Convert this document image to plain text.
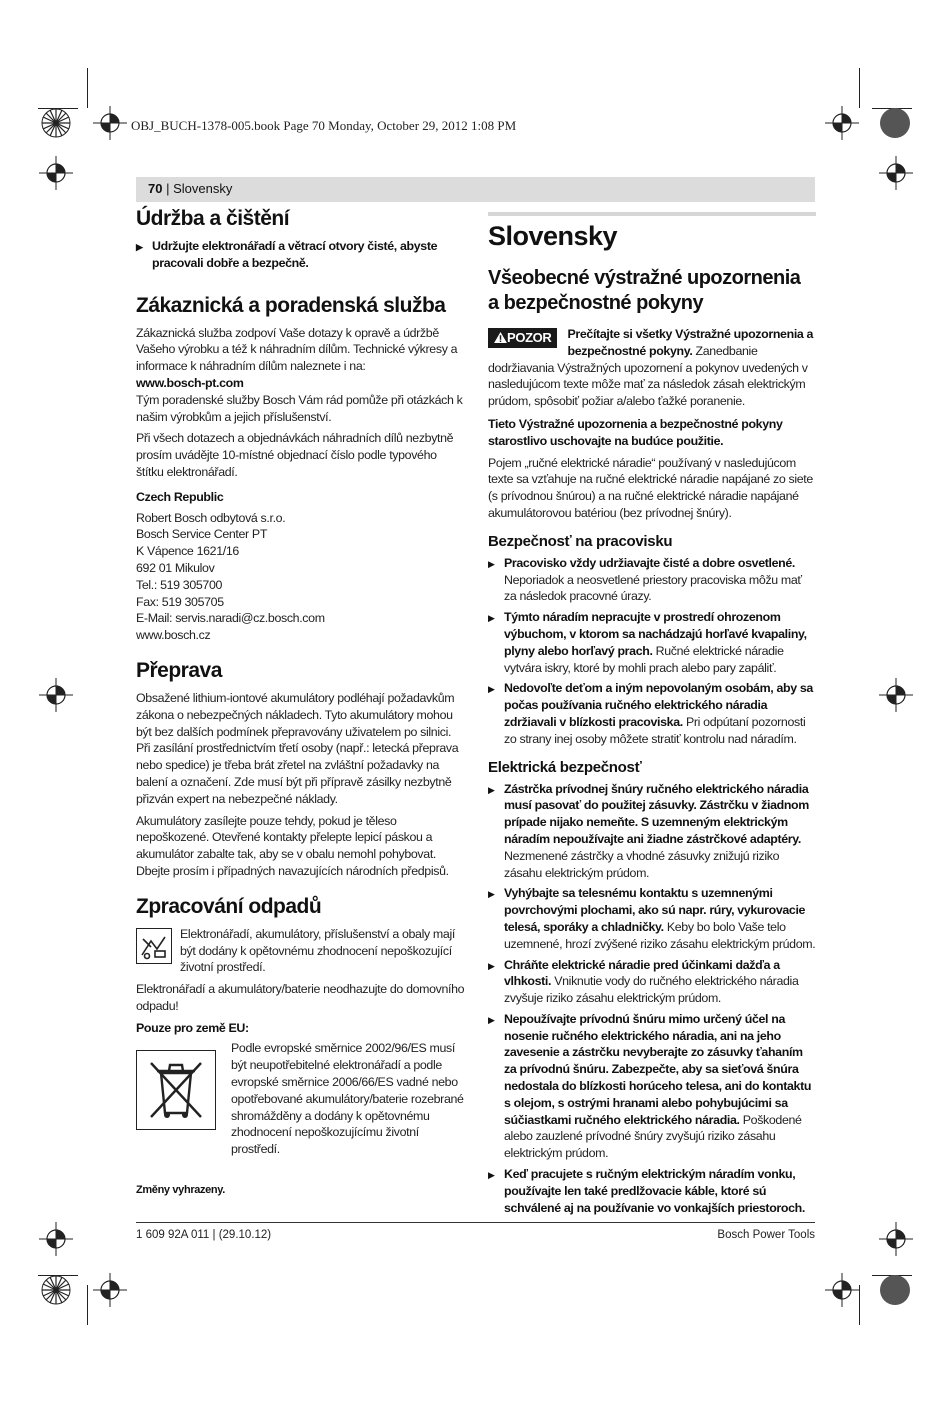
OBJ_BUCH-1378-005.book Page 70 Monday, October 29, 2012 1:08 PM
70 | Slovensky
Údržba a čištění

▶ Udržujte elektronářadí a větrací otvory čisté, abyste pracovali dobře a bezpečně.

Zákaznická a poradenská služba

Zákaznická služba zodpoví Vaše dotazy k opravě a údržbě Vašeho výrobku a též k náhradním dílům. Technické výkresy a informace k náhradním dílům naleznete i na:

www.bosch-pt.com

Tým poradenské služby Bosch Vám rád pomůže při otázkách k našim výrobkům a jejich příslušenství.

Při všech dotazech a objednávkách náhradních dílů nezbytně prosím uvádějte 10-místné objednací číslo podle typového štítku elektronářadí.

Czech Republic

Robert Bosch odbytová s.r.o.

Bosch Service Center PT

K Vápence 1621/16

692 01 Mikulov

Tel.: 519 305700

Fax: 519 305705

E-Mail: servis.naradi@cz.bosch.com

www.bosch.cz

Přeprava

Obsažené lithium-iontové akumulátory podléhají požadavkům zákona o nebezpečných nákladech. Tyto akumulátory mohou být bez dalších podmínek přepravovány uživatelem po silnici.

Při zasílání prostřednictvím třetí osoby (např.: letecká přeprava nebo spedice) je třeba brát zřetel na zvláštní požadavky na balení a označení. Zde musí být při přípravě zásilky nezbytně přizván expert na nebezpečné náklady.

Akumulátory zasílejte pouze tehdy, pokud je těleso nepoškozené. Otevřené kontakty přelepte lepicí páskou a akumulátor zabalte tak, aby se v obalu nemohl pohybovat.

Dbejte prosím i případných navazujících národních předpisů.

Zpracování odpadů

Elektronářadí, akumulátory, příslušenství a obaly mají být dodány k opětovnému zhodnocení nepoškozující životní prostředí.

Elektronářadí a akumulátory/baterie neodhazujte do domovního odpadu!

Pouze pro země EU:

Podle evropské směrnice 2002/96/ES musí být neupotřebitelné elektronářadí a podle evropské směrnice 2006/66/ES vadné nebo opotřebované akumulátory/baterie rozebrané shromážděny a dodány k opětovnému zhodnocení nepoškozujícímu životní prostředí.

Změny vyhrazeny.

Slovensky
Všeobecné výstražné upozornenia a bezpečnostné pokyny
POZOR	Prečítajte si všetky Výstražné upozornenia a bezpečnostné pokyny. Zanedbanie dodržiavania Výstražných upozornení a pokynov uvedených v nasledujúcom texte môže mať za následok zásah elektrickým prúdom, spôsobiť požiar a/alebo ťažké poranenie.

Tieto Výstražné upozornenia a bezpečnostné pokyny starostlivo uschovajte na budúce použitie.

Pojem „ručné elektrické náradie“ používaný v nasledujúcom texte sa vzťahuje na ručné elektrické náradie napájané zo siete (s prívodnou šnúrou) a na ručné elektrické náradie napájané akumulátorovou batériou (bez prívodnej šnúry).

Bezpečnosť na pracovisku

▶ Pracovisko vždy udržiavajte čisté a dobre osvetlené. Neporiadok a neosvetlené priestory pracoviska môžu mať za následok pracovné úrazy.

▶ Týmto náradím nepracujte v prostredí ohrozenom výbuchom, v ktorom sa nachádzajú horľavé kvapaliny, plyny alebo horľavý prach. Ručné elektrické náradie vytvára iskry, ktoré by mohli prach alebo pary zapáliť.

▶ Nedovoľte deťom a iným nepovolaným osobám, aby sa počas používania ručného elektrického náradia zdržiavali v blízkosti pracoviska. Pri odpútaní pozornosti zo strany inej osoby môžete stratiť kontrolu nad náradím.

Elektrická bezpečnosť

▶ Zástrčka prívodnej šnúry ručného elektrického náradia musí pasovať do použitej zásuvky. Zástrčku v žiadnom prípade nijako nemeňte. S uzemneným elektrickým náradím nepoužívajte ani žiadne zástrčkové adaptéry. Nezmenené zástrčky a vhodné zásuvky znižujú riziko zásahu elektrickým prúdom.

▶ Vyhýbajte sa telesnému kontaktu s uzemnenými povrchovými plochami, ako sú napr. rúry, vykurovacie telesá, sporáky a chladničky. Keby bo bolo Vaše telo uzemnené, hrozí zvýšené riziko zásahu elektrickým prúdom.

▶ Chráňte elektrické náradie pred účinkami dažďa a vlhkosti. Vniknutie vody do ručného elektrického náradia zvyšuje riziko zásahu elektrickým prúdom.

▶ Nepoužívajte prívodnú šnúru mimo určený účel na nosenie ručného elektrického náradia, ani na jeho zavesenie a zástrčku nevyberajte zo zásuvky ťahaním za prívodnú šnúru. Zabezpečte, aby sa sieťová šnúra nedostala do blízkosti horúceho telesa, ani do kontaktu s olejom, s ostrými hranami alebo pohybujúcimi sa súčiastkami ručného elektrického náradia. Poškodené alebo zauzlené prívodné šnúry zvyšujú riziko zásahu elektrickým prúdom.

▶ Keď pracujete s ručným elektrickým náradím vonku, používajte len také predlžovacie káble, ktoré sú schválené aj na používanie vo vonkajších priestoroch.

1 609 92A 011 | (29.10.12)	Bosch Power Tools
